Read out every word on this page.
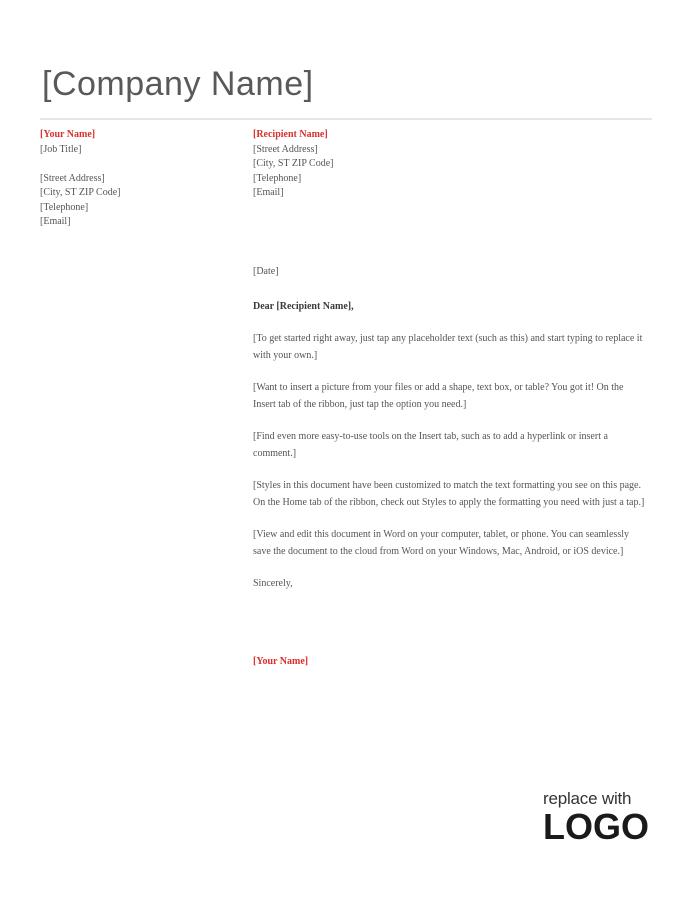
[Company Name]
[Your Name]
[Job Title]
[Street Address]
[City, ST ZIP Code]
[Telephone]
[Email]
[Recipient Name]
[Street Address]
[City, ST ZIP Code]
[Telephone]
[Email]

[Date]

Dear [Recipient Name],

[To get started right away, just tap any placeholder text (such as this) and start typing to replace it with your own.]

[Want to insert a picture from your files or add a shape, text box, or table? You got it! On the Insert tab of the ribbon, just tap the option you need.]

[Find even more easy-to-use tools on the Insert tab, such as to add a hyperlink or insert a comment.]

[Styles in this document have been customized to match the text formatting you see on this page. On the Home tab of the ribbon, check out Styles to apply the formatting you need with just a tap.]

[View and edit this document in Word on your computer, tablet, or phone. You can seamlessly save the document to the cloud from Word on your Windows, Mac, Android, or iOS device.]

Sincerely,

[Your Name]
replace with
LOGO
